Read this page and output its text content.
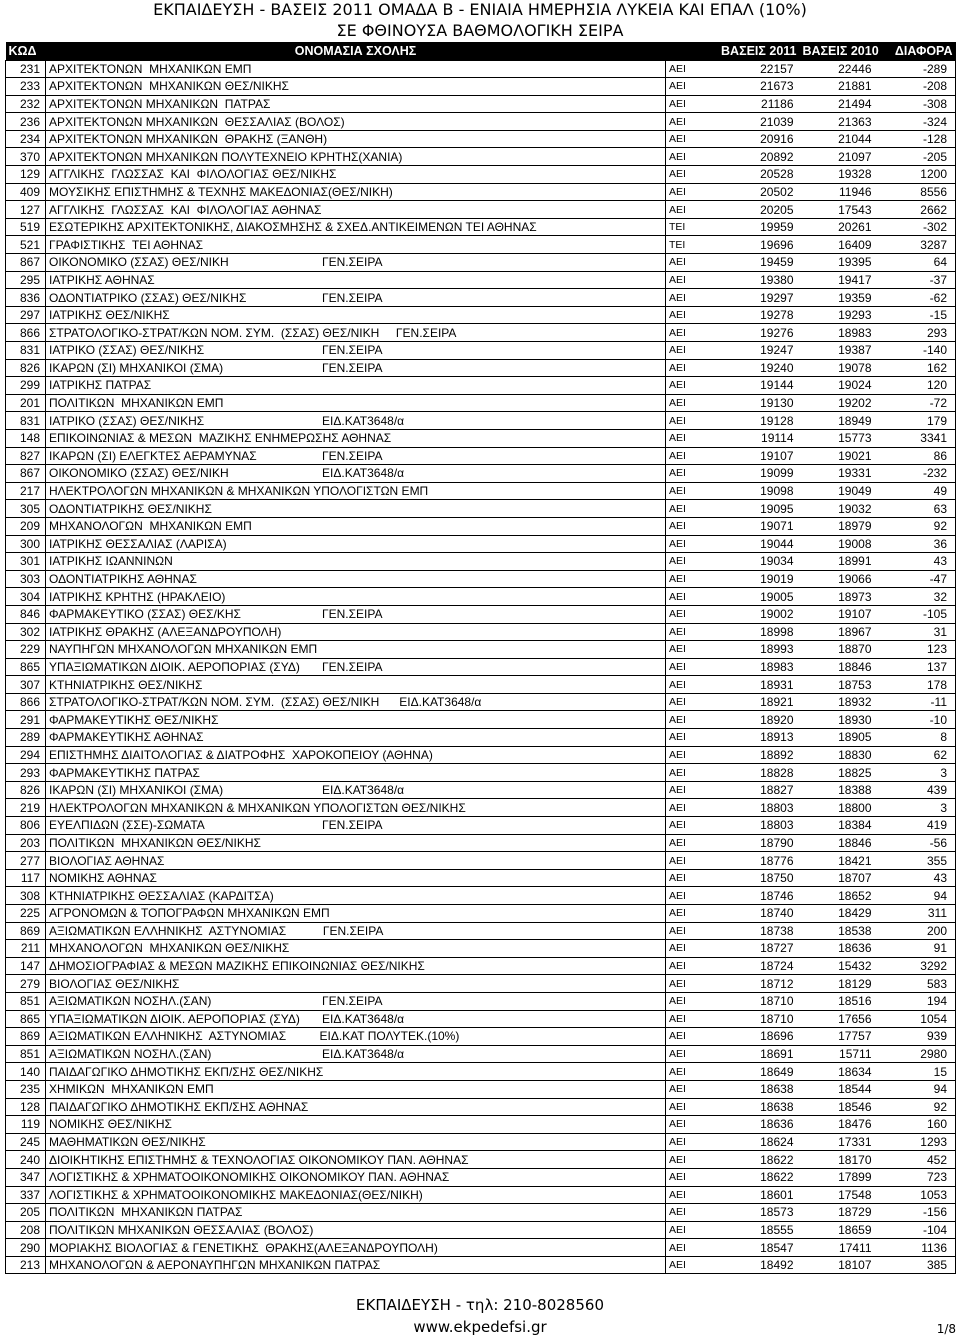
ΕΚΠΑΙΔΕΥΣΗ - ΒΑΣΕΙΣ 2011 ΟΜΑΔΑ Β - ΕΝΙΑΙΑ ΗΜΕΡΗΣΙΑ ΛΥΚΕΙΑ ΚΑΙ ΕΠΑΛ (10%)
ΣΕ ΦΘΙΝΟΥΣΑ ΒΑΘΜΟΛΟΓΙΚΗ ΣΕΙΡΑ
ΚΩΔ	ΟΝΟΜΑΣΙΑ ΣΧΟΛΗΣ		ΒΑΣΕΙΣ 2011	ΒΑΣΕΙΣ 2010	ΔΙΑΦΟΡΑ
231	ΑΡΧΙΤΕΚΤΟΝΩΝ  ΜΗΧΑΝΙΚΩΝ ΕΜΠ	ΑΕΙ	22157	22446	-289
233	ΑΡΧΙΤΕΚΤΟΝΩΝ  ΜΗΧΑΝΙΚΩΝ ΘΕΣ/ΝΙΚΗΣ	ΑΕΙ	21673	21881	-208
232	ΑΡΧΙΤΕΚΤΟΝΩΝ ΜΗΧΑΝΙΚΩΝ  ΠΑΤΡΑΣ	ΑΕΙ	21186	21494	-308
236	ΑΡΧΙΤΕΚΤΟΝΩΝ ΜΗΧΑΝΙΚΩΝ  ΘΕΣΣΑΛΙΑΣ (ΒΟΛΟΣ)	ΑΕΙ	21039	21363	-324
234	ΑΡΧΙΤΕΚΤΟΝΩΝ ΜΗΧΑΝΙΚΩΝ  ΘΡΑΚΗΣ (ΞΑΝΘΗ)	ΑΕΙ	20916	21044	-128
370	ΑΡΧΙΤΕΚΤΟΝΩΝ ΜΗΧΑΝΙΚΩΝ ΠΟΛΥΤΕΧΝΕΙΟ ΚΡΗΤΗΣ(ΧΑΝΙΑ)	ΑΕΙ	20892	21097	-205
129	ΑΓΓΛΙΚΗΣ  ΓΛΩΣΣΑΣ  ΚΑΙ  ΦΙΛΟΛΟΓΙΑΣ ΘΕΣ/ΝΙΚΗΣ	ΑΕΙ	20528	19328	1200
409	ΜΟΥΣΙΚΗΣ ΕΠΙΣΤΗΜΗΣ & ΤΕΧΝΗΣ ΜΑΚΕΔΟΝΙΑΣ(ΘΕΣ/ΝΙΚΗ)	ΑΕΙ	20502	11946	8556
127	ΑΓΓΛΙΚΗΣ  ΓΛΩΣΣΑΣ  ΚΑΙ  ΦΙΛΟΛΟΓΙΑΣ ΑΘΗΝΑΣ	ΑΕΙ	20205	17543	2662
519	ΕΣΩΤΕΡΙΚΗΣ ΑΡΧΙΤΕΚΤΟΝΙΚΗΣ, ΔΙΑΚΟΣΜΗΣΗΣ & ΣΧΕΔ.ΑΝΤΙΚΕΙΜΕΝΩΝ ΤΕΙ ΑΘΗΝΑΣ	ΤΕΙ	19959	20261	-302
521	ΓΡΑΦΙΣΤΙΚΗΣ  ΤΕΙ ΑΘΗΝΑΣ	ΤΕΙ	19696	16409	3287
867	ΟΙΚΟΝΟΜΙΚΟ (ΣΣΑΣ) ΘΕΣ/ΝΙΚΗ ΓΕΝ.ΣΕΙΡΑ	ΑΕΙ	19459	19395	64
295	ΙΑΤΡΙΚΗΣ ΑΘΗΝΑΣ	ΑΕΙ	19380	19417	-37
836	ΟΔΟΝΤΙΑΤΡΙΚΟ (ΣΣΑΣ) ΘΕΣ/ΝΙΚΗΣ ΓΕΝ.ΣΕΙΡΑ	ΑΕΙ	19297	19359	-62
297	ΙΑΤΡΙΚΗΣ ΘΕΣ/ΝΙΚΗΣ	ΑΕΙ	19278	19293	-15
866	ΣΤΡΑΤΟΛΟΓΙΚΟ-ΣΤΡΑΤ/ΚΩΝ ΝΟΜ. ΣΥΜ.  (ΣΣΑΣ) ΘΕΣ/ΝΙΚΗ     ΓΕΝ.ΣΕΙΡΑ	ΑΕΙ	19276	18983	293
831	ΙΑΤΡΙΚΟ (ΣΣΑΣ) ΘΕΣ/ΝΙΚΗΣ ΓΕΝ.ΣΕΙΡΑ	ΑΕΙ	19247	19387	-140
826	ΙΚΑΡΩΝ (ΣΙ) ΜΗΧΑΝΙΚΟΙ (ΣΜΑ) ΓΕΝ.ΣΕΙΡΑ	ΑΕΙ	19240	19078	162
299	ΙΑΤΡΙΚΗΣ ΠΑΤΡΑΣ	ΑΕΙ	19144	19024	120
201	ΠΟΛΙΤΙΚΩΝ  ΜΗΧΑΝΙΚΩΝ ΕΜΠ	ΑΕΙ	19130	19202	-72
831	ΙΑΤΡΙΚΟ (ΣΣΑΣ) ΘΕΣ/ΝΙΚΗΣ ΕΙΔ.ΚΑΤ3648/α	ΑΕΙ	19128	18949	179
148	ΕΠΙΚΟΙΝΩΝΙΑΣ & ΜΕΣΩΝ  ΜΑΖΙΚΗΣ ΕΝΗΜΕΡΩΣΗΣ ΑΘΗΝΑΣ	ΑΕΙ	19114	15773	3341
827	ΙΚΑΡΩΝ (ΣΙ) ΕΛΕΓΚΤΕΣ ΑΕΡΑΜΥΝΑΣ ΓΕΝ.ΣΕΙΡΑ	ΑΕΙ	19107	19021	86
867	ΟΙΚΟΝΟΜΙΚΟ (ΣΣΑΣ) ΘΕΣ/ΝΙΚΗ ΕΙΔ.ΚΑΤ3648/α	ΑΕΙ	19099	19331	-232
217	ΗΛΕΚΤΡΟΛΟΓΩΝ ΜΗΧΑΝΙΚΩΝ & ΜΗΧΑΝΙΚΩΝ ΥΠΟΛΟΓΙΣΤΩΝ ΕΜΠ	ΑΕΙ	19098	19049	49
305	ΟΔΟΝΤΙΑΤΡΙΚΗΣ ΘΕΣ/ΝΙΚΗΣ	ΑΕΙ	19095	19032	63
209	ΜΗΧΑΝΟΛΟΓΩΝ  ΜΗΧΑΝΙΚΩΝ ΕΜΠ	ΑΕΙ	19071	18979	92
300	ΙΑΤΡΙΚΗΣ ΘΕΣΣΑΛΙΑΣ (ΛΑΡΙΣΑ)	ΑΕΙ	19044	19008	36
301	ΙΑΤΡΙΚΗΣ ΙΩΑΝΝΙΝΩΝ	ΑΕΙ	19034	18991	43
303	ΟΔΟΝΤΙΑΤΡΙΚΗΣ ΑΘΗΝΑΣ	ΑΕΙ	19019	19066	-47
304	ΙΑΤΡΙΚΗΣ ΚΡΗΤΗΣ (ΗΡΑΚΛΕΙΟ)	ΑΕΙ	19005	18973	32
846	ΦΑΡΜΑΚΕΥΤΙΚΟ (ΣΣΑΣ) ΘΕΣ/ΚΗΣ ΓΕΝ.ΣΕΙΡΑ	ΑΕΙ	19002	19107	-105
302	ΙΑΤΡΙΚΗΣ ΘΡΑΚΗΣ (ΑΛΕΞΑΝΔΡΟΥΠΟΛΗ)	ΑΕΙ	18998	18967	31
229	ΝΑΥΠΗΓΩΝ ΜΗΧΑΝΟΛΟΓΩΝ ΜΗΧΑΝΙΚΩΝ ΕΜΠ	ΑΕΙ	18993	18870	123
865	ΥΠΑΞΙΩΜΑΤΙΚΩΝ ΔΙΟΙΚ. ΑΕΡΟΠΟΡΙΑΣ (ΣΥΔ) ΓΕΝ.ΣΕΙΡΑ	ΑΕΙ	18983	18846	137
307	ΚΤΗΝΙΑΤΡΙΚΗΣ ΘΕΣ/ΝΙΚΗΣ	ΑΕΙ	18931	18753	178
866	ΣΤΡΑΤΟΛΟΓΙΚΟ-ΣΤΡΑΤ/ΚΩΝ ΝΟΜ. ΣΥΜ.  (ΣΣΑΣ) ΘΕΣ/ΝΙΚΗ      ΕΙΔ.ΚΑΤ3648/α	ΑΕΙ	18921	18932	-11
291	ΦΑΡΜΑΚΕΥΤΙΚΗΣ ΘΕΣ/ΝΙΚΗΣ	ΑΕΙ	18920	18930	-10
289	ΦΑΡΜΑΚΕΥΤΙΚΗΣ ΑΘΗΝΑΣ	ΑΕΙ	18913	18905	8
294	ΕΠΙΣΤΗΜΗΣ ΔΙΑΙΤΟΛΟΓΙΑΣ & ΔΙΑΤΡΟΦΗΣ  ΧΑΡΟΚΟΠΕΙΟΥ (ΑΘΗΝΑ)	ΑΕΙ	18892	18830	62
293	ΦΑΡΜΑΚΕΥΤΙΚΗΣ ΠΑΤΡΑΣ	ΑΕΙ	18828	18825	3
826	ΙΚΑΡΩΝ (ΣΙ) ΜΗΧΑΝΙΚΟΙ (ΣΜΑ) ΕΙΔ.ΚΑΤ3648/α	ΑΕΙ	18827	18388	439
219	ΗΛΕΚΤΡΟΛΟΓΩΝ ΜΗΧΑΝΙΚΩΝ & ΜΗΧΑΝΙΚΩΝ ΥΠΟΛΟΓΙΣΤΩΝ ΘΕΣ/ΝΙΚΗΣ	ΑΕΙ	18803	18800	3
806	ΕΥΕΛΠΙΔΩΝ (ΣΣΕ)-ΣΩΜΑΤΑ ΓΕΝ.ΣΕΙΡΑ	ΑΕΙ	18803	18384	419
203	ΠΟΛΙΤΙΚΩΝ  ΜΗΧΑΝΙΚΩΝ ΘΕΣ/ΝΙΚΗΣ	ΑΕΙ	18790	18846	-56
277	ΒΙΟΛΟΓΙΑΣ ΑΘΗΝΑΣ	ΑΕΙ	18776	18421	355
117	ΝΟΜΙΚΗΣ ΑΘΗΝΑΣ	ΑΕΙ	18750	18707	43
308	ΚΤΗΝΙΑΤΡΙΚΗΣ ΘΕΣΣΑΛΙΑΣ (ΚΑΡΔΙΤΣΑ)	ΑΕΙ	18746	18652	94
225	ΑΓΡΟΝΟΜΩΝ & ΤΟΠΟΓΡΑΦΩΝ ΜΗΧΑΝΙΚΩΝ ΕΜΠ	ΑΕΙ	18740	18429	311
869	ΑΞΙΩΜΑΤΙΚΩΝ ΕΛΛΗΝΙΚΗΣ  ΑΣΤΥΝΟΜΙΑΣ           ΓΕΝ.ΣΕΙΡΑ	ΑΕΙ	18738	18538	200
211	ΜΗΧΑΝΟΛΟΓΩΝ  ΜΗΧΑΝΙΚΩΝ ΘΕΣ/ΝΙΚΗΣ	ΑΕΙ	18727	18636	91
147	ΔΗΜΟΣΙΟΓΡΑΦΙΑΣ & ΜΕΣΩΝ ΜΑΖΙΚΗΣ ΕΠΙΚΟΙΝΩΝΙΑΣ ΘΕΣ/ΝΙΚΗΣ	ΑΕΙ	18724	15432	3292
279	ΒΙΟΛΟΓΙΑΣ ΘΕΣ/ΝΙΚΗΣ	ΑΕΙ	18712	18129	583
851	ΑΞΙΩΜΑΤΙΚΩΝ ΝΟΣΗΛ.(ΣΑΝ) ΓΕΝ.ΣΕΙΡΑ	ΑΕΙ	18710	18516	194
865	ΥΠΑΞΙΩΜΑΤΙΚΩΝ ΔΙΟΙΚ. ΑΕΡΟΠΟΡΙΑΣ (ΣΥΔ) ΕΙΔ.ΚΑΤ3648/α	ΑΕΙ	18710	17656	1054
869	ΑΞΙΩΜΑΤΙΚΩΝ ΕΛΛΗΝΙΚΗΣ  ΑΣΤΥΝΟΜΙΑΣ          ΕΙΔ.ΚΑΤ ΠΟΛΥΤΕΚ.(10%)	ΑΕΙ	18696	17757	939
851	ΑΞΙΩΜΑΤΙΚΩΝ ΝΟΣΗΛ.(ΣΑΝ) ΕΙΔ.ΚΑΤ3648/α	ΑΕΙ	18691	15711	2980
140	ΠΑΙΔΑΓΩΓΙΚΟ ΔΗΜΟΤΙΚΗΣ ΕΚΠ/ΣΗΣ ΘΕΣ/ΝΙΚΗΣ	ΑΕΙ	18649	18634	15
235	ΧΗΜΙΚΩΝ  ΜΗΧΑΝΙΚΩΝ ΕΜΠ	ΑΕΙ	18638	18544	94
128	ΠΑΙΔΑΓΩΓΙΚΟ ΔΗΜΟΤΙΚΗΣ ΕΚΠ/ΣΗΣ ΑΘΗΝΑΣ	ΑΕΙ	18638	18546	92
119	ΝΟΜΙΚΗΣ ΘΕΣ/ΝΙΚΗΣ	ΑΕΙ	18636	18476	160
245	ΜΑΘΗΜΑΤΙΚΩΝ ΘΕΣ/ΝΙΚΗΣ	ΑΕΙ	18624	17331	1293
240	ΔΙΟΙΚΗΤΙΚΗΣ ΕΠΙΣΤΗΜΗΣ & ΤΕΧΝΟΛΟΓΙΑΣ ΟΙΚΟΝΟΜΙΚΟΥ ΠΑΝ. ΑΘΗΝΑΣ	ΑΕΙ	18622	18170	452
347	ΛΟΓΙΣΤΙΚΗΣ & ΧΡΗΜΑΤΟΟΙΚΟΝΟΜΙΚΗΣ ΟΙΚΟΝΟΜΙΚΟΥ ΠΑΝ. ΑΘΗΝΑΣ	ΑΕΙ	18622	17899	723
337	ΛΟΓΙΣΤΙΚΗΣ & ΧΡΗΜΑΤΟΟΙΚΟΝΟΜΙΚΗΣ ΜΑΚΕΔΟΝΙΑΣ(ΘΕΣ/ΝΙΚΗ)	ΑΕΙ	18601	17548	1053
205	ΠΟΛΙΤΙΚΩΝ  ΜΗΧΑΝΙΚΩΝ ΠΑΤΡΑΣ	ΑΕΙ	18573	18729	-156
208	ΠΟΛΙΤΙΚΩΝ ΜΗΧΑΝΙΚΩΝ ΘΕΣΣΑΛΙΑΣ (ΒΟΛΟΣ)	ΑΕΙ	18555	18659	-104
290	ΜΟΡΙΑΚΗΣ ΒΙΟΛΟΓΙΑΣ & ΓΕΝΕΤΙΚΗΣ  ΘΡΑΚΗΣ(ΑΛΕΞΑΝΔΡΟΥΠΟΛΗ)	ΑΕΙ	18547	17411	1136
213	ΜΗΧΑΝΟΛΟΓΩΝ & ΑΕΡΟΝΑΥΠΗΓΩΝ ΜΗΧΑΝΙΚΩΝ ΠΑΤΡΑΣ	ΑΕΙ	18492	18107	385
ΕΚΠΑΙΔΕΥΣΗ - τηλ: 210-8028560
www.ekpedefsi.gr	1/8
